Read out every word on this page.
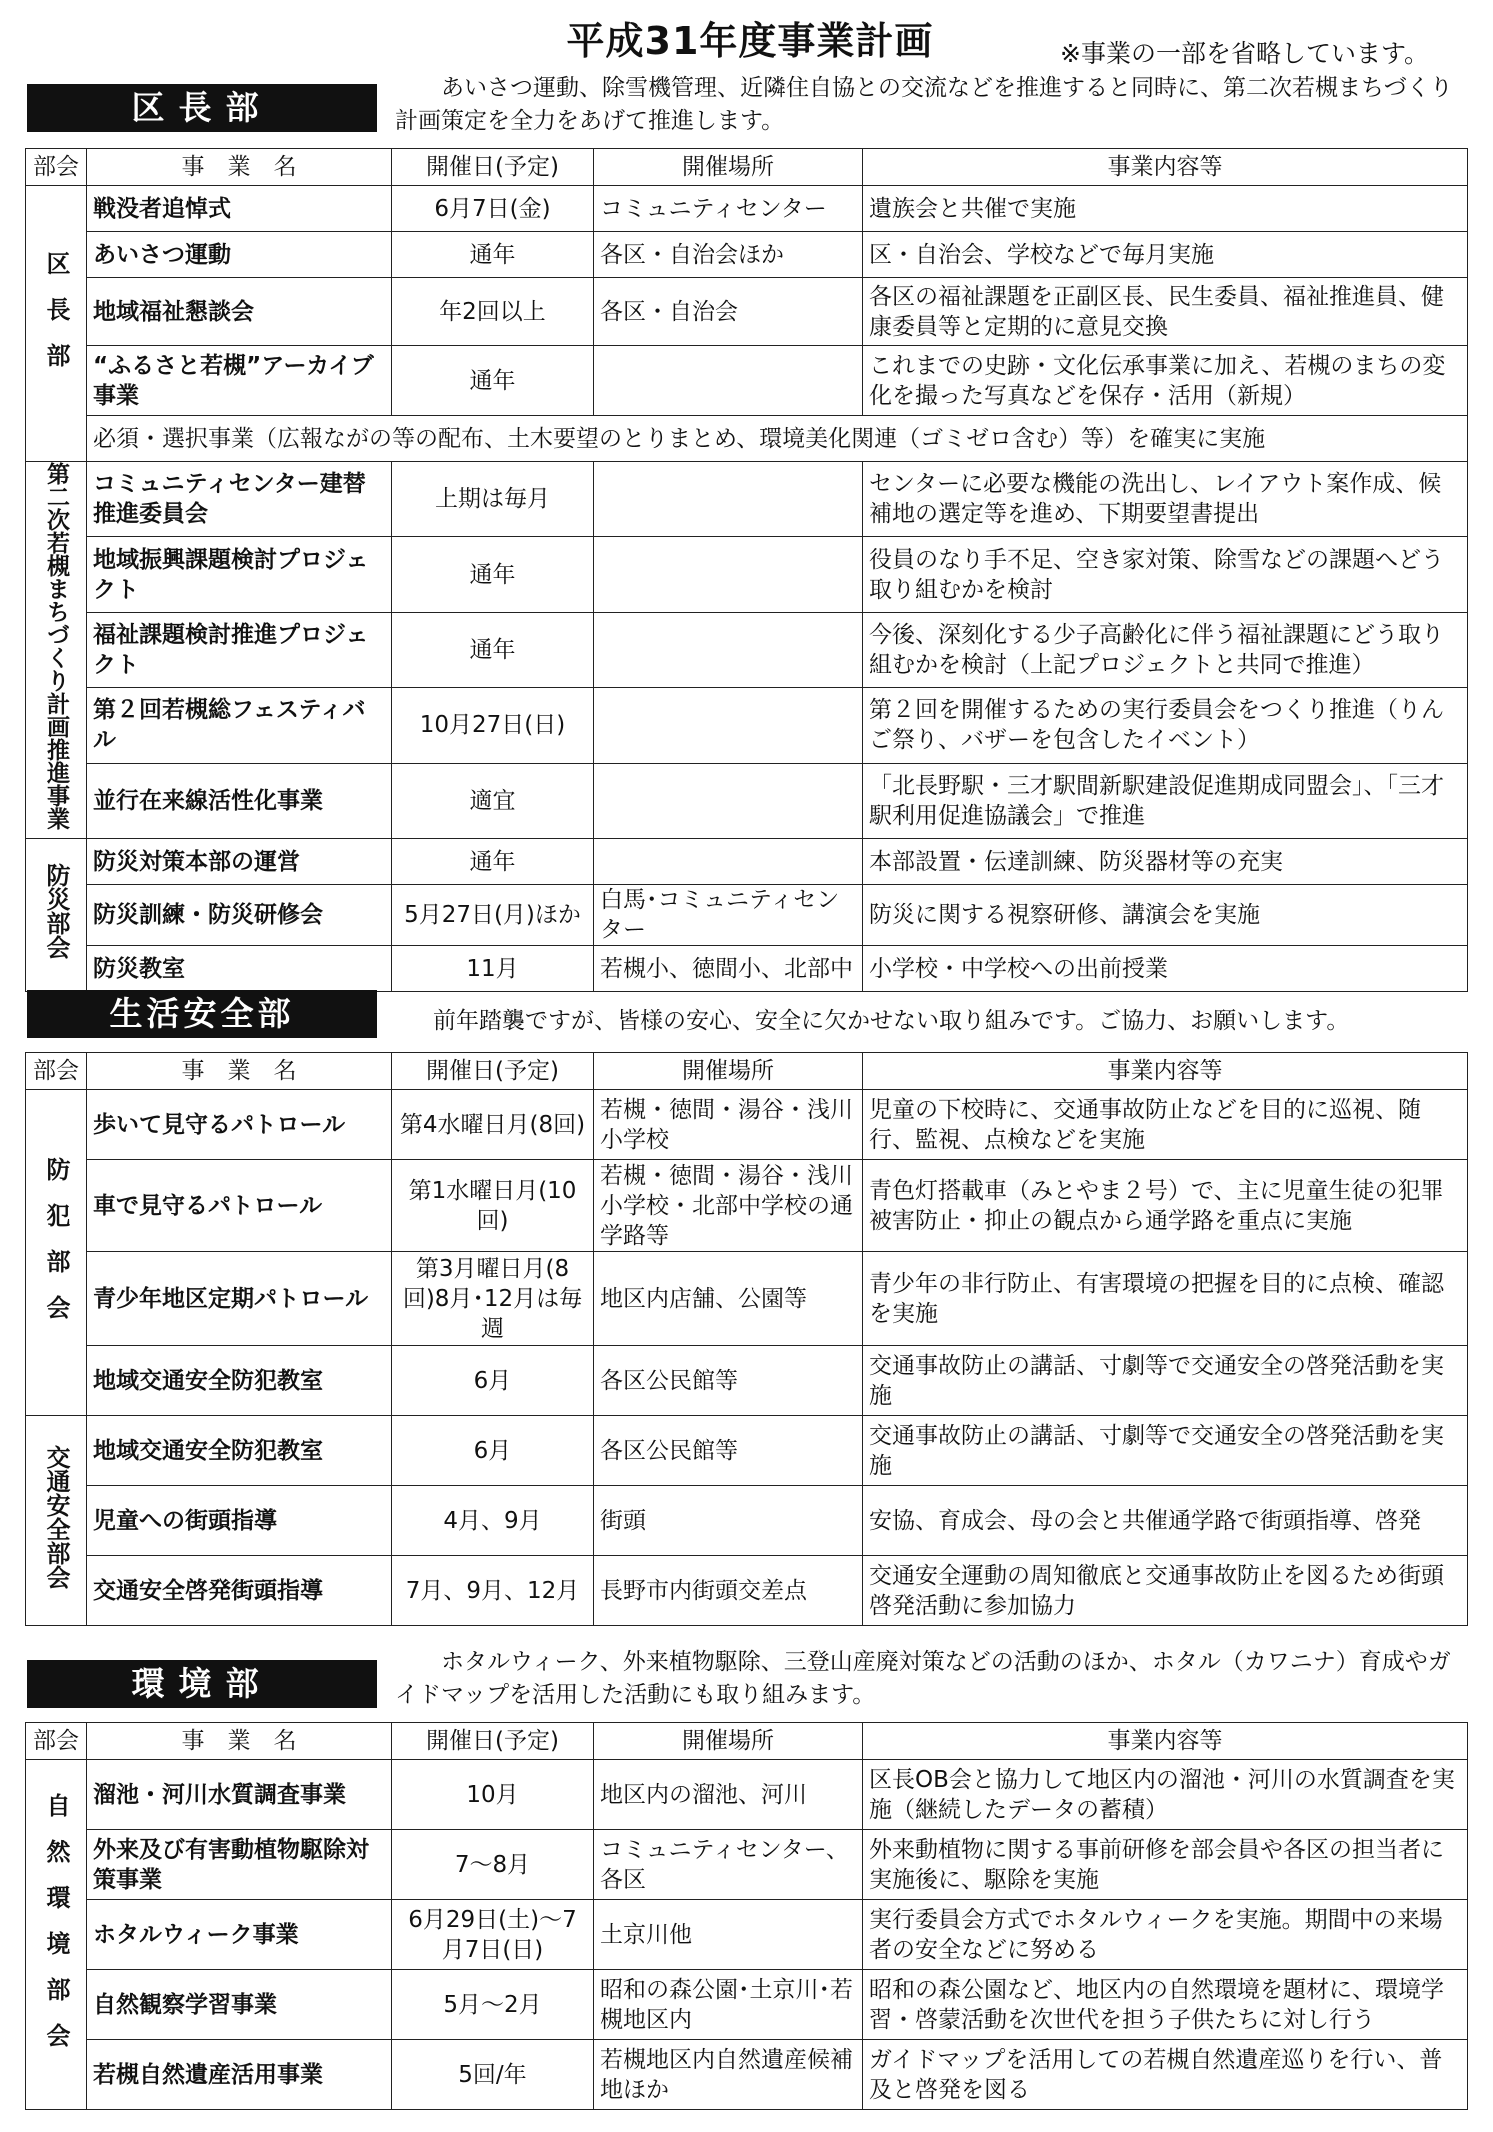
平成31年度事業計画	※事業の一部を省略しています。
区長部	あいさつ運動、除雪機管理、近隣住自協との交流などを推進すると同時に、第二次若槻まちづくり計画策定を全力をあげて推進します。
部会	事　業　名	開催日(予定)	開催場所	事業内容等
区長部	戦没者追悼式	6月7日(金)	コミュニティセンター	遺族会と共催で実施
	あいさつ運動	通年	各区・自治会ほか	区・自治会、学校などで毎月実施
	地域福祉懇談会	年2回以上	各区・自治会	各区の福祉課題を正副区長、民生委員、福祉推進員、健康委員等と定期的に意見交換
	“ふるさと若槻”アーカイブ事業	通年		これまでの史跡・文化伝承事業に加え、若槻のまちの変化を撮った写真などを保存・活用（新規）
	必須・選択事業（広報ながの等の配布、土木要望のとりまとめ、環境美化関連（ゴミゼロ含む）等）を確実に実施			
第二次若槻まちづくり計画推進事業	コミュニティセンター建替推進委員会	上期は毎月		センターに必要な機能の洗出し、レイアウト案作成、候補地の選定等を進め、下期要望書提出
	地域振興課題検討プロジェクト	通年		役員のなり手不足、空き家対策、除雪などの課題へどう取り組むかを検討
	福祉課題検討推進プロジェクト	通年		今後、深刻化する少子高齢化に伴う福祉課題にどう取り組むかを検討（上記プロジェクトと共同で推進）
	第２回若槻総フェスティバル	10月27日(日)		第２回を開催するための実行委員会をつくり推進（りんご祭り、バザーを包含したイベント）
	並行在来線活性化事業	適宜		「北長野駅・三才駅間新駅建設促進期成同盟会」、「三才駅利用促進協議会」で推進
防災部会	防災対策本部の運営	通年		本部設置・伝達訓練、防災器材等の充実
	防災訓練・防災研修会	5月27日(月)ほか	白馬･コミュニティセンター	防災に関する視察研修、講演会を実施
	防災教室	11月	若槻小、徳間小、北部中	小学校・中学校への出前授業
生活安全部	前年踏襲ですが、皆様の安心、安全に欠かせない取り組みです。ご協力、お願いします。
部会	事　業　名	開催日(予定)	開催場所	事業内容等
防犯部会	歩いて見守るパトロール	第4水曜日月(8回)	若槻・徳間・湯谷・浅川小学校	児童の下校時に、交通事故防止などを目的に巡視、随行、監視、点検などを実施
	車で見守るパトロール	第1水曜日月(10回)	若槻・徳間・湯谷・浅川小学校・北部中学校の通学路等	青色灯搭載車（みとやま２号）で、主に児童生徒の犯罪被害防止・抑止の観点から通学路を重点に実施
	青少年地区定期パトロール	第3月曜日月(8回)8月･12月は毎週	地区内店舗、公園等	青少年の非行防止、有害環境の把握を目的に点検、確認を実施
	地域交通安全防犯教室	6月	各区公民館等	交通事故防止の講話、寸劇等で交通安全の啓発活動を実施
交通安全部会	地域交通安全防犯教室	6月	各区公民館等	交通事故防止の講話、寸劇等で交通安全の啓発活動を実施
	児童への街頭指導	4月、9月	街頭	安協、育成会、母の会と共催通学路で街頭指導、啓発
	交通安全啓発街頭指導	7月、9月、12月	長野市内街頭交差点	交通安全運動の周知徹底と交通事故防止を図るため街頭啓発活動に参加協力
環境部
ホタルウィーク、外来植物駆除、三登山産廃対策などの活動のほか、ホタル（カワニナ）育成やガイドマップを活用した活動にも取り組みます。
部会	事　業　名	開催日(予定)	開催場所	事業内容等
自然環境部会	溜池・河川水質調査事業	10月	地区内の溜池、河川	区長OB会と協力して地区内の溜池・河川の水質調査を実施（継続したデータの蓄積）
	外来及び有害動植物駆除対策事業	7〜8月	コミュニティセンター、各区	外来動植物に関する事前研修を部会員や各区の担当者に実施後に、駆除を実施
	ホタルウィーク事業	6月29日(土)〜7月7日(日)	土京川他	実行委員会方式でホタルウィークを実施。期間中の来場者の安全などに努める
	自然観察学習事業	5月〜2月	昭和の森公園･土京川･若槻地区内	昭和の森公園など、地区内の自然環境を題材に、環境学習・啓蒙活動を次世代を担う子供たちに対し行う
	若槻自然遺産活用事業	5回/年	若槻地区内自然遺産候補地ほか	ガイドマップを活用しての若槻自然遺産巡りを行い、普及と啓発を図る
